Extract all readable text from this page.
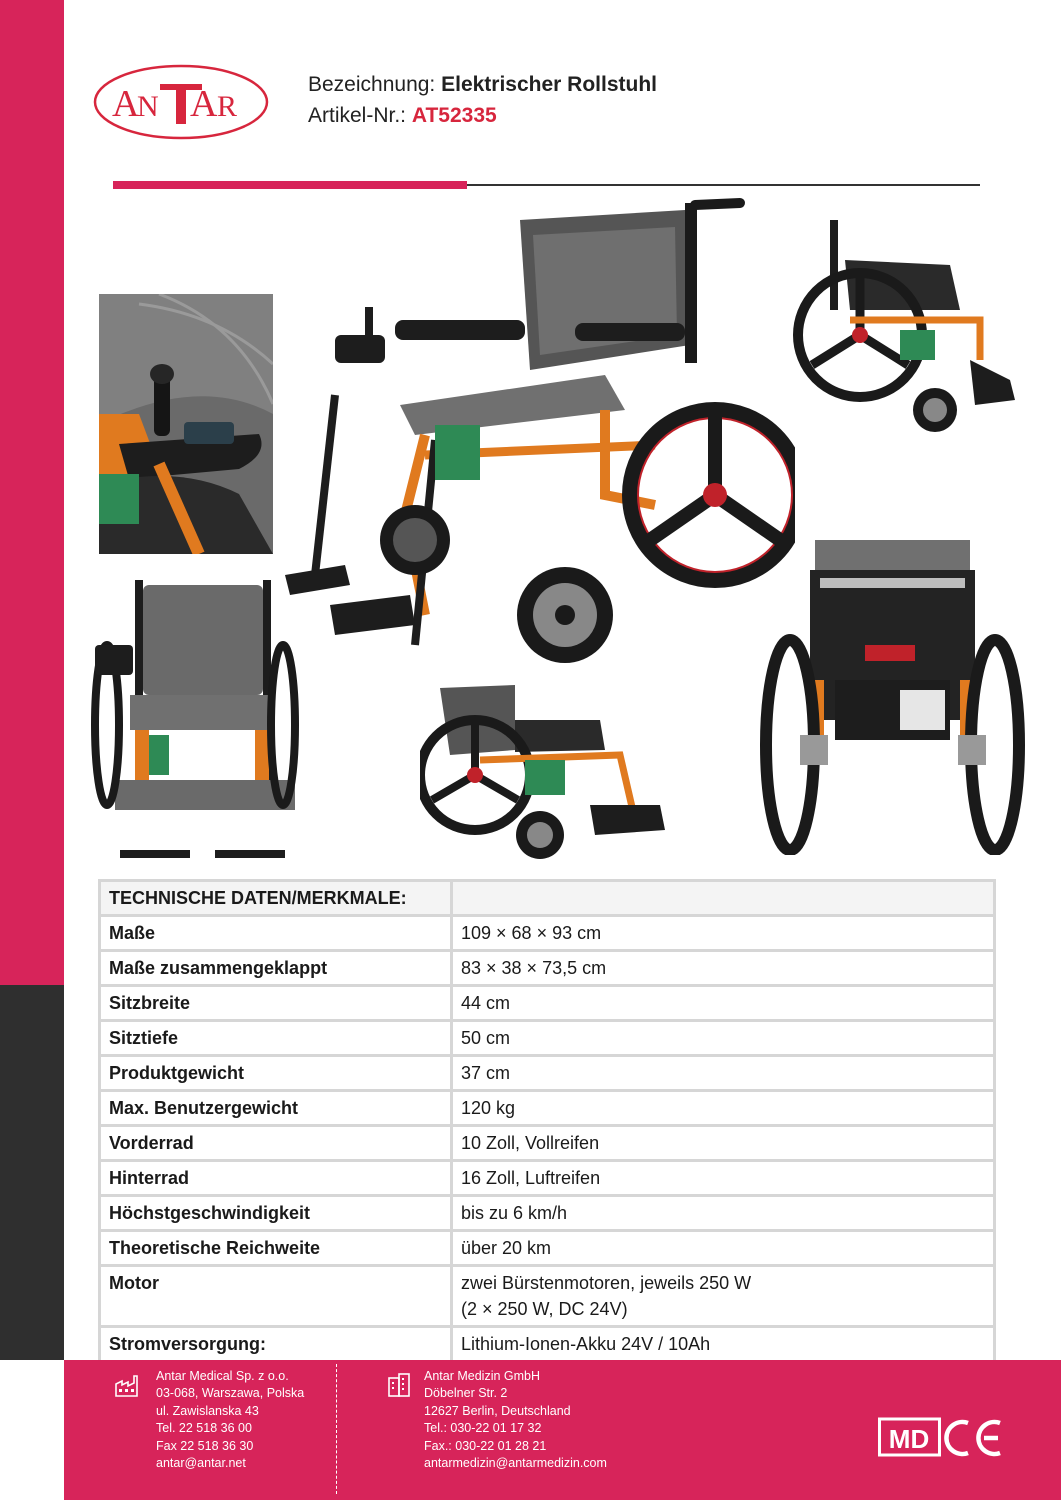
A
N A R
Bezeichnung: Elektrischer Rollstuhl
Artikel-Nr.: AT52335
TECHNISCHE DATEN/MERKMALE:	
Maße	109 × 68 × 93 cm
Maße zusammengeklappt	83 × 38 × 73,5 cm
Sitzbreite	44 cm
Sitztiefe	50 cm
Produktgewicht	37 cm
Max. Benutzergewicht	120 kg
Vorderrad	10 Zoll, Vollreifen
Hinterrad	16 Zoll, Luftreifen
Höchstgeschwindigkeit	bis zu 6 km/h
Theoretische Reichweite	über 20 km
Motor	zwei Bürstenmotoren, jeweils 250 W
(2 × 250 W, DC 24V)

Stromversorgung:	Lithium-Ionen-Akku 24V / 10Ah
Antar Medical Sp. z o.o.
03-068, Warszawa, Polska
ul. Zawislanska 43
Tel. 22 518 36 00
Fax 22 518 36 30
antar@antar.net
Antar Medizin GmbH
Döbelner Str. 2
12627 Berlin, Deutschland
Tel.: 030-22 01 17 32
Fax.: 030-22 01 28 21
antarmedizin@antarmedizin.com
MD
